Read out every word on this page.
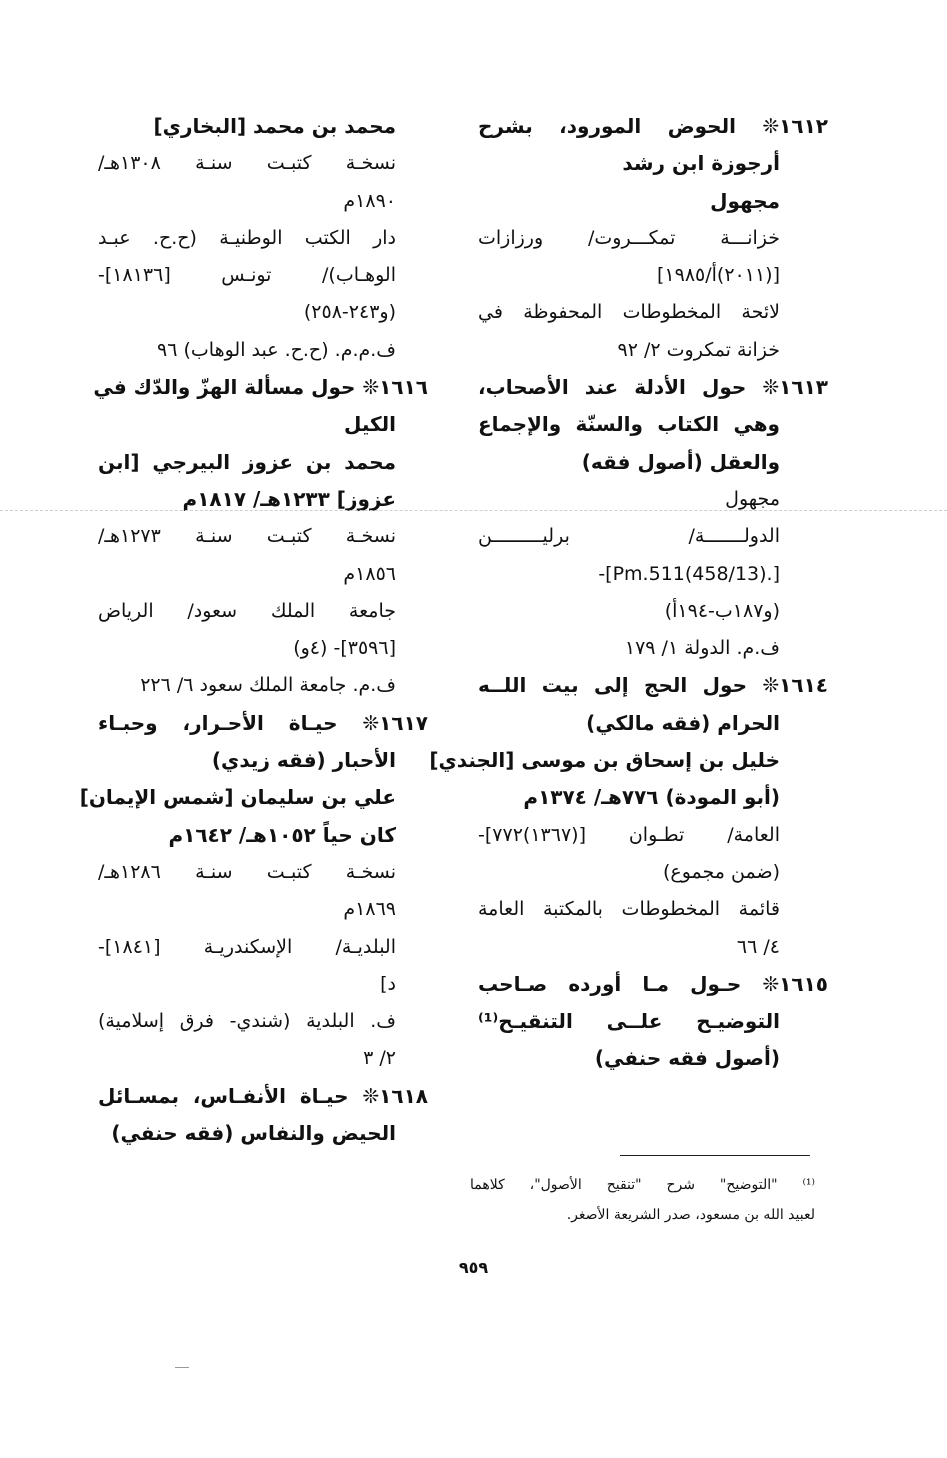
١٦١٢❊ الحوض المورود، بشرح
أرجوزة ابن رشد
مجهول
خزانـــة تمكـــروت/ ورزازات
[(٢٠١١)أ/١٩٨٥]
لائحة المخطوطات المحفوظة في
خزانة تمكروت ٢/ ٩٢
١٦١٣❊ حول الأدلة عند الأصحاب،
وهي الكتاب والسنّة والإجماع
والعقل (أصول فقه)
مجهول
الدولـــــــة/ برليـــــــــن
[.Pm.511(458/13)]-
(و١٨٧ب-١٩٤أ)
ف.م. الدولة ١/ ١٧٩
١٦١٤❊ حول الحج إلى بيت اللــه
الحرام (فقه مالكي)
خليل بن إسحاق بن موسى [الجندي]
(أبو المودة) ٧٧٦هـ/ ١٣٧٤م
العامة/ تطـوان [(١٣٦٧)٧٧٢]-
(ضمن مجموع)
قائمة المخطوطات بالمكتبة العامة
٤/ ٦٦
١٦١٥❊ حـول مـا أورده صـاحب
التوضيـح علــى التنقيـح⁽¹⁾
(أصول فقه حنفي)
محمد بن محمد [البخاري]
نسخـة كتبـت سنـة ١٣٠٨هـ/
١٨٩٠م
دار الكتب الوطنيـة (ح.ح. عبـد
الوهـاب)/ تونـس [١٨١٣٦]-
(و٢٤٣-٢٥٨)
ف.م.م. (ح.ح. عبد الوهاب) ٩٦
١٦١٦❊ حول مسألة الهزّ والدّك في
الكيل
محمد بن عزوز البيرجي [ابن
عزوز] ١٢٣٣هـ/ ١٨١٧م
نسخـة كتبـت سنـة ١٢٧٣هـ/
١٨٥٦م
جامعة الملك سعود/ الرياض
[٣٥٩٦]- (٤و)
ف.م. جامعة الملك سعود ٦/ ٢٢٦
١٦١٧❊ حيـاة الأحـرار، وحبـاء
الأحبار (فقه زيدي)
علي بن سليمان [شمس الإيمان]
كان حياً ١٠٥٢هـ/ ١٦٤٢م
نسخـة كتبـت سنـة ١٢٨٦هـ/
١٨٦٩م
البلديـة/ الإسكندريـة [١٨٤١]-
د]
ف. البلدية (شندي- فرق إسلامية)
٢/ ٣
١٦١٨❊ حيـاة الأنفـاس، بمسـائل
الحيض والنفاس (فقه حنفي)
⁽¹⁾ "التوضيح" شرح "تنقيح الأصول"، كلاهما
لعبيد الله بن مسعود، صدر الشريعة الأصغر.
٩٥٩
